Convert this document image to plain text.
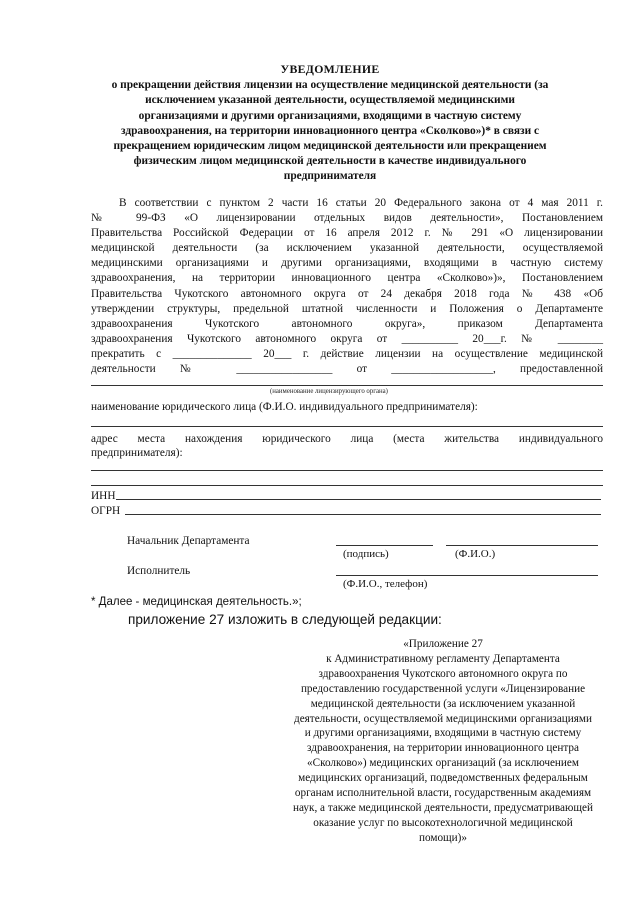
УВЕДОМЛЕНИЕ
о прекращении действия лицензии на осуществление медицинской деятельности (за
исключением указанной деятельности, осуществляемой медицинскими
организациями и другими организациями, входящими в частную систему
здравоохранения, на территории инновационного центра «Сколково»)* в связи с
прекращением юридическим лицом медицинской деятельности или прекращением
физическим лицом медицинской деятельности в качестве индивидуального
предпринимателя

В соответствии с пунктом 2 части 16 статьи 20 Федерального закона от 4 мая 2011 г.

№ 99-ФЗ «О лицензировании отдельных видов деятельности», Постановлением

Правительства Российской Федерации от 16 апреля 2012 г. № 291 «О лицензировании

медицинской деятельности (за исключением указанной деятельности, осуществляемой

медицинскими организациями и другими организациями, входящими в частную систему

здравоохранения, на территории инновационного центра «Сколково»)», Постановлением

Правительства Чукотского автономного округа от 24 декабря 2018 года № 438 «Об

утверждении структуры, предельной штатной численности и Положения о Департаменте

здравоохранения Чукотского автономного округа», приказом Департамента

здравоохранения Чукотского автономного округа от __________ 20___г. № ________

прекратить с ______________ 20___ г. действие лицензии на осуществление медицинской

деятельности № _________________ от __________________, предоставленной

(наименование лицензирующего органа)
наименование юридического лица (Ф.И.О. индивидуального предпринимателя):
адрес места нахождения юридического лица (места жительства индивидуального
предпринимателя):
ИНН
ОГРН
Начальник Департамента
(подпись)	(Ф.И.О.)
Исполнитель
(Ф.И.О., телефон)
* Далее - медицинская деятельность.»;
приложение 27 изложить в следующей редакции:
«Приложение 27
к Административному регламенту Департамента
здравоохранения Чукотского автономного округа по
предоставлению государственной услуги «Лицензирование
медицинской деятельности (за исключением указанной
деятельности, осуществляемой медицинскими организациями
и другими организациями, входящими в частную систему
здравоохранения, на территории инновационного центра
«Сколково») медицинских организаций (за исключением
медицинских организаций, подведомственных федеральным
органам исполнительной власти, государственным академиям
наук, а также медицинской деятельности, предусматривающей
оказание услуг по высокотехнологичной медицинской
помощи)»
